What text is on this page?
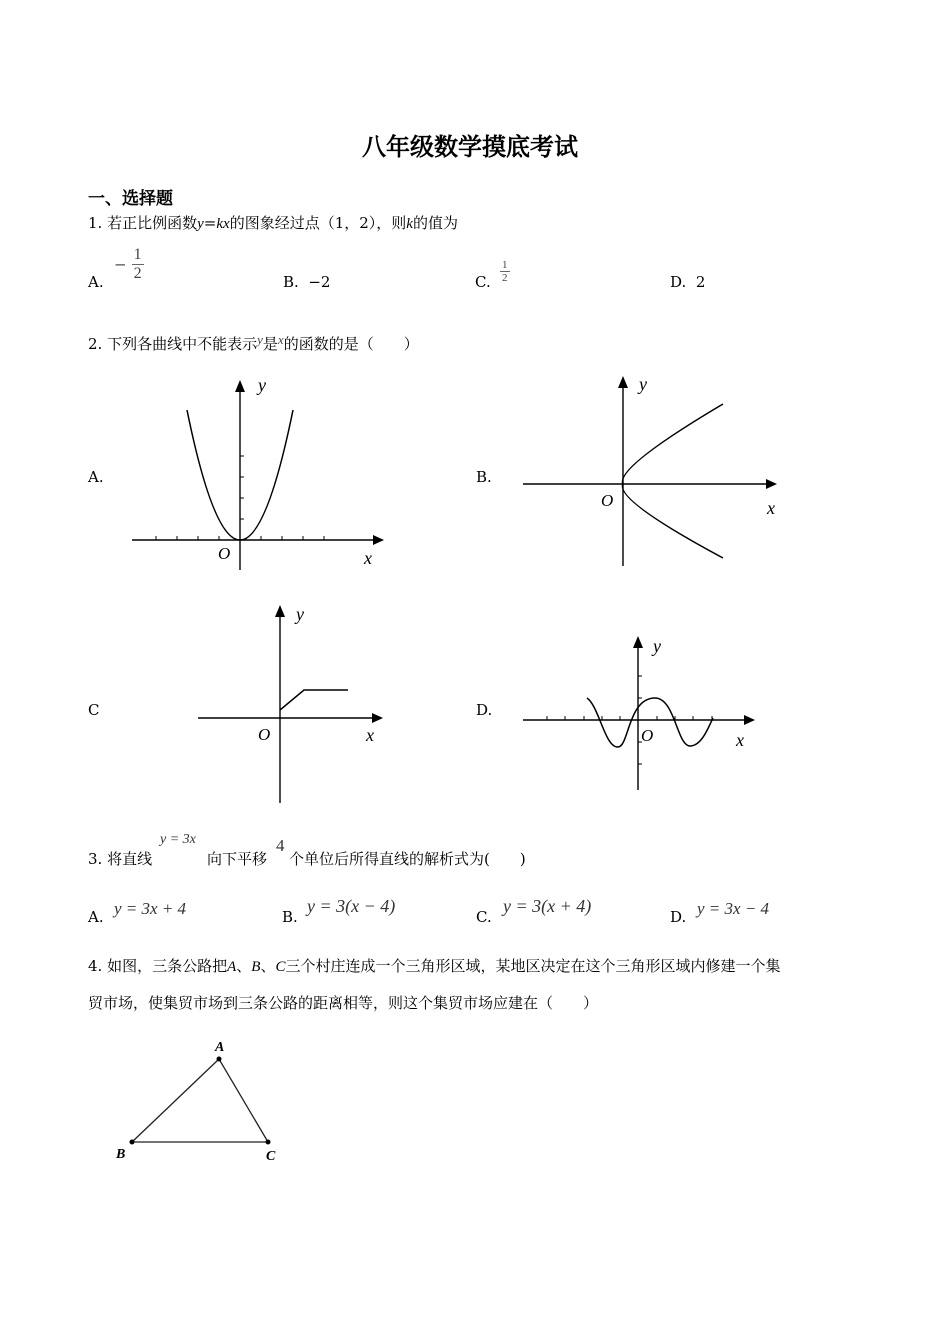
八年级数学摸底考试
一、选择题
1. 若正比例函数y=kx的图象经过点（1，2），则k的值为
A.
− $\frac{1}{2}$	B. −2	C. $\frac{1}{2}$	D. 2
2. 下列各曲线中不能表示y是x的函数的是（　　）
A.
y
x
O
B.
y
x
O
C
y
x
O
D.
y
x
O
3. 将直线
y = 3x
向下平移
4
个单位后所得直线的解析式为(　　)
A. y = 3x + 4	B.
y = 3(x − 4)
C.
y = 3(x + 4)
D. y = 3x − 4
4. 如图，三条公路把A、B、C三个村庄连成一个三角形区域，某地区决定在这个三角形区域内修建一个集
贸市场，使集贸市场到三条公路的距离相等，则这个集贸市场应建在（　　）
A
B	C
